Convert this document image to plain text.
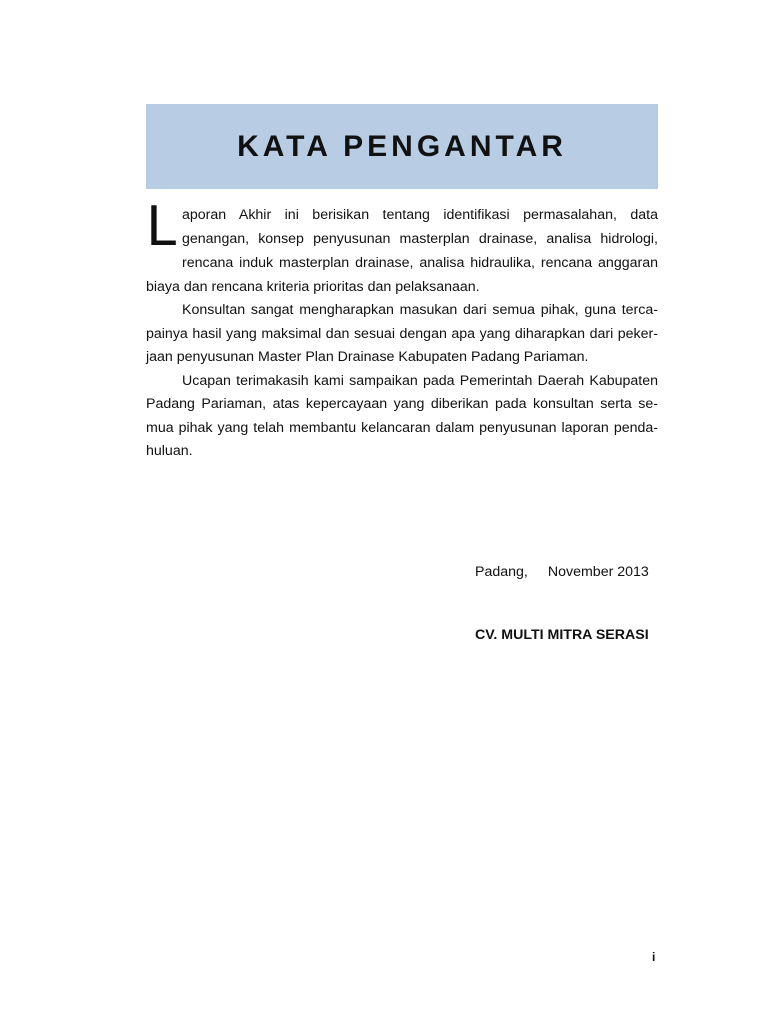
KATA PENGANTAR
L aporan Akhir ini berisikan tentang identifikasi permasalahan, data
genangan, konsep penyusunan masterplan drainase, analisa hidrologi,
rencana induk masterplan drainase, analisa hidraulika, rencana anggaran
biaya dan rencana kriteria prioritas dan pelaksanaan.
Konsultan sangat mengharapkan masukan dari semua pihak, guna terca-
painya hasil yang maksimal dan sesuai dengan apa yang diharapkan dari peker-
jaan penyusunan Master Plan Drainase Kabupaten Padang Pariaman.
Ucapan terimakasih kami sampaikan pada Pemerintah Daerah Kabupaten
Padang Pariaman, atas kepercayaan yang diberikan pada konsultan serta se-
mua pihak yang telah membantu kelancaran dalam penyusunan laporan penda-
huluan.
Padang, November 2013
CV. MULTI MITRA SERASI
i
